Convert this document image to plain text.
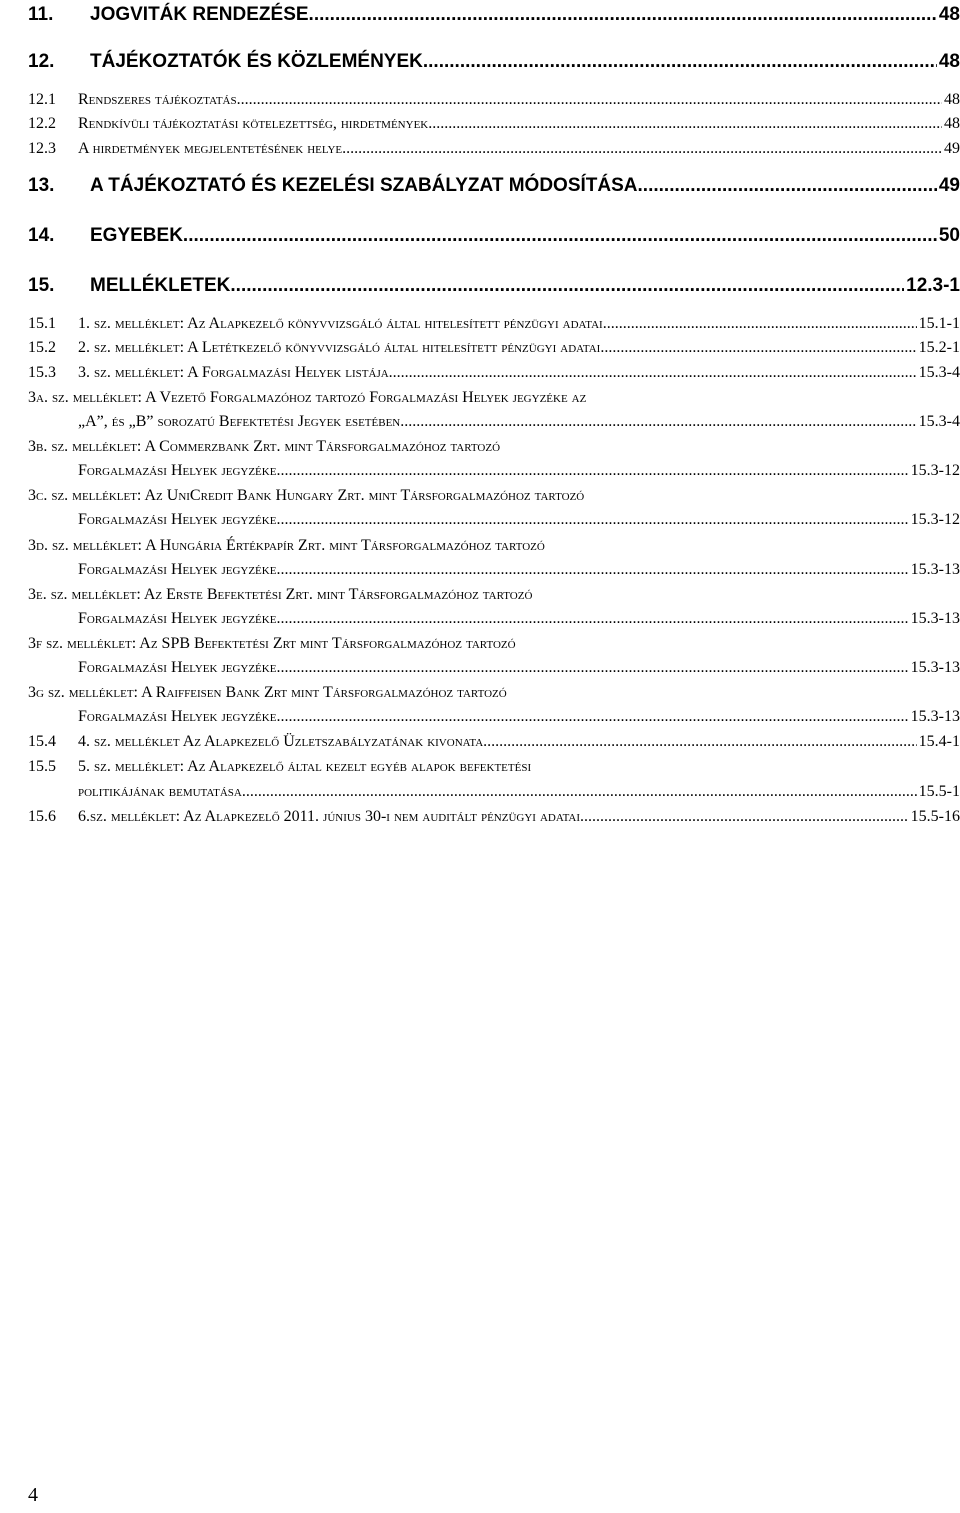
11.	JOGVITÁK RENDEZÉSE .....	48
12.	TÁJÉKOZTATÓK ÉS KÖZLEMÉNYEK .....	48
12.1	Rendszeres tájékoztatás .....	48
12.2	Rendkívüli tájékoztatási kötelezettség, hirdetmények .....	48
12.3	A hirdetmények megjelentetésének helye .....	49
13.	A TÁJÉKOZTATÓ ÉS KEZELÉSI SZABÁLYZAT MÓDOSÍTÁSA .....	49
14.	EGYEBEK .....	50
15.	MELLÉKLETEK .....	12.3-1
15.1	1. sz. melléklet: Az Alapkezelő könyvvizsgáló által hitelesített pénzügyi adatai .....	15.1-1
15.2	2. sz. melléklet: A Letétkezelő könyvvizsgáló által hitelesített pénzügyi adatai .....	15.2-1
15.3	3. sz. melléklet: A Forgalmazási Helyek listája .....	15.3-4
3a. sz. melléklet: A Vezető Forgalmazóhoz tartozó Forgalmazási Helyek jegyzéke az
„A”, és „B” sorozatú Befektetési Jegyek esetében .....	15.3-4
3b. sz. melléklet: A Commerzbank Zrt. mint Társforgalmazóhoz tartozó
Forgalmazási Helyek jegyzéke .....	15.3-12
3c. sz. melléklet: Az UniCredit Bank Hungary Zrt. mint Társforgalmazóhoz tartozó
Forgalmazási Helyek jegyzéke. .....	15.3-12
3d. sz. melléklet: A Hungária Értékpapír Zrt. mint Társforgalmazóhoz tartozó
Forgalmazási Helyek jegyzéke .....	15.3-13
3e. sz. melléklet: Az Erste Befektetési Zrt. mint Társforgalmazóhoz tartozó
Forgalmazási Helyek jegyzéke .....	15.3-13
3f sz. melléklet: Az SPB Befektetési Zrt mint Társforgalmazóhoz tartozó
Forgalmazási Helyek jegyzéke .....	15.3-13
3g sz. melléklet: A Raiffeisen Bank Zrt mint Társforgalmazóhoz tartozó
Forgalmazási Helyek jegyzéke .....	15.3-13
15.4	4. sz. melléklet Az Alapkezelő Üzletszabályzatának kivonata .....	15.4-1
15.5	5. sz. melléklet: Az Alapkezelő által kezelt egyéb alapok befektetési
politikájának bemutatása .....	15.5-1
15.6	6.sz. melléklet: Az Alapkezelő 2011. június 30-i nem auditált pénzügyi adatai .....	15.5-16
4
